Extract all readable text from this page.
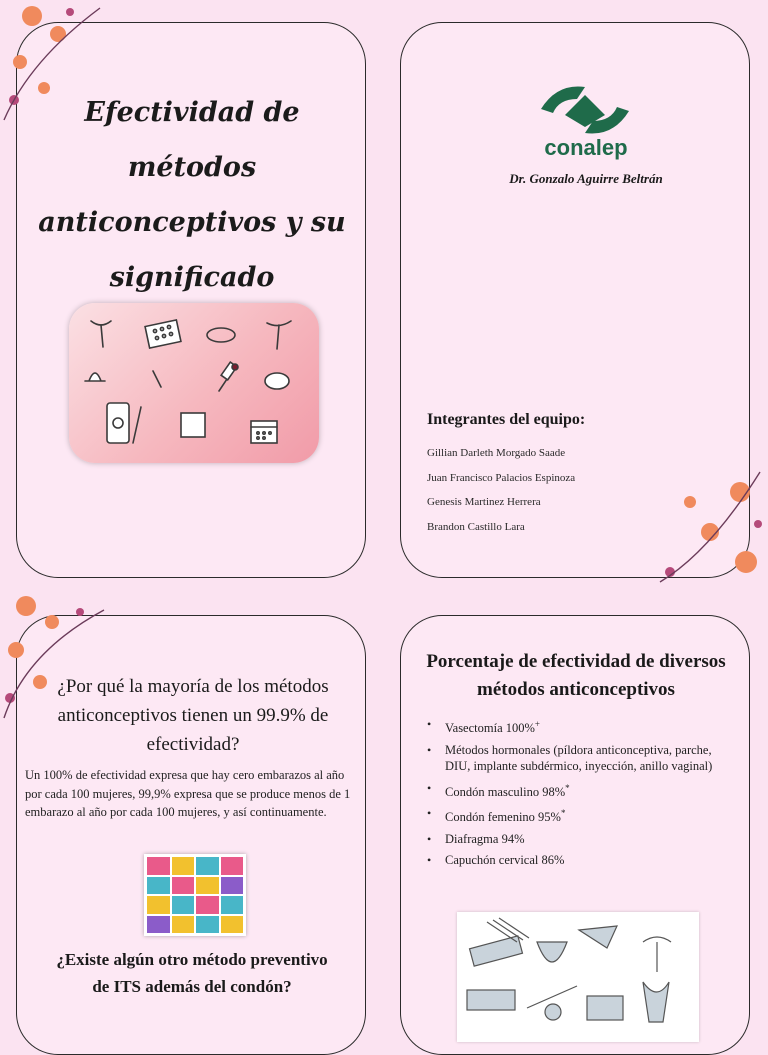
Efectividad de métodos anticonceptivos y su significado
conalep
Dr. Gonzalo Aguirre Beltrán
Integrantes del equipo:
Gillian Darleth Morgado Saade
Juan Francisco Palacios Espinoza
Genesis Martinez Herrera
Brandon Castillo Lara
¿Por qué la mayoría de los métodos anticonceptivos tienen un 99.9% de efectividad?
Un 100% de efectividad expresa que hay cero embarazos al año por cada 100 mujeres, 99,9% expresa que se produce menos de 1 embarazo al año por cada 100 mujeres, y así continuamente.
¿Existe algún otro método preventivo de ITS además del condón?
Porcentaje de efectividad de diversos métodos anticonceptivos
• Vasectomía 100%+
• Métodos hormonales (píldora anticonceptiva, parche, DIU, implante subdérmico, inyección, anillo vaginal)
• Condón masculino 98%*
• Condón femenino 95%*
• Diafragma 94%
• Capuchón cervical 86%
